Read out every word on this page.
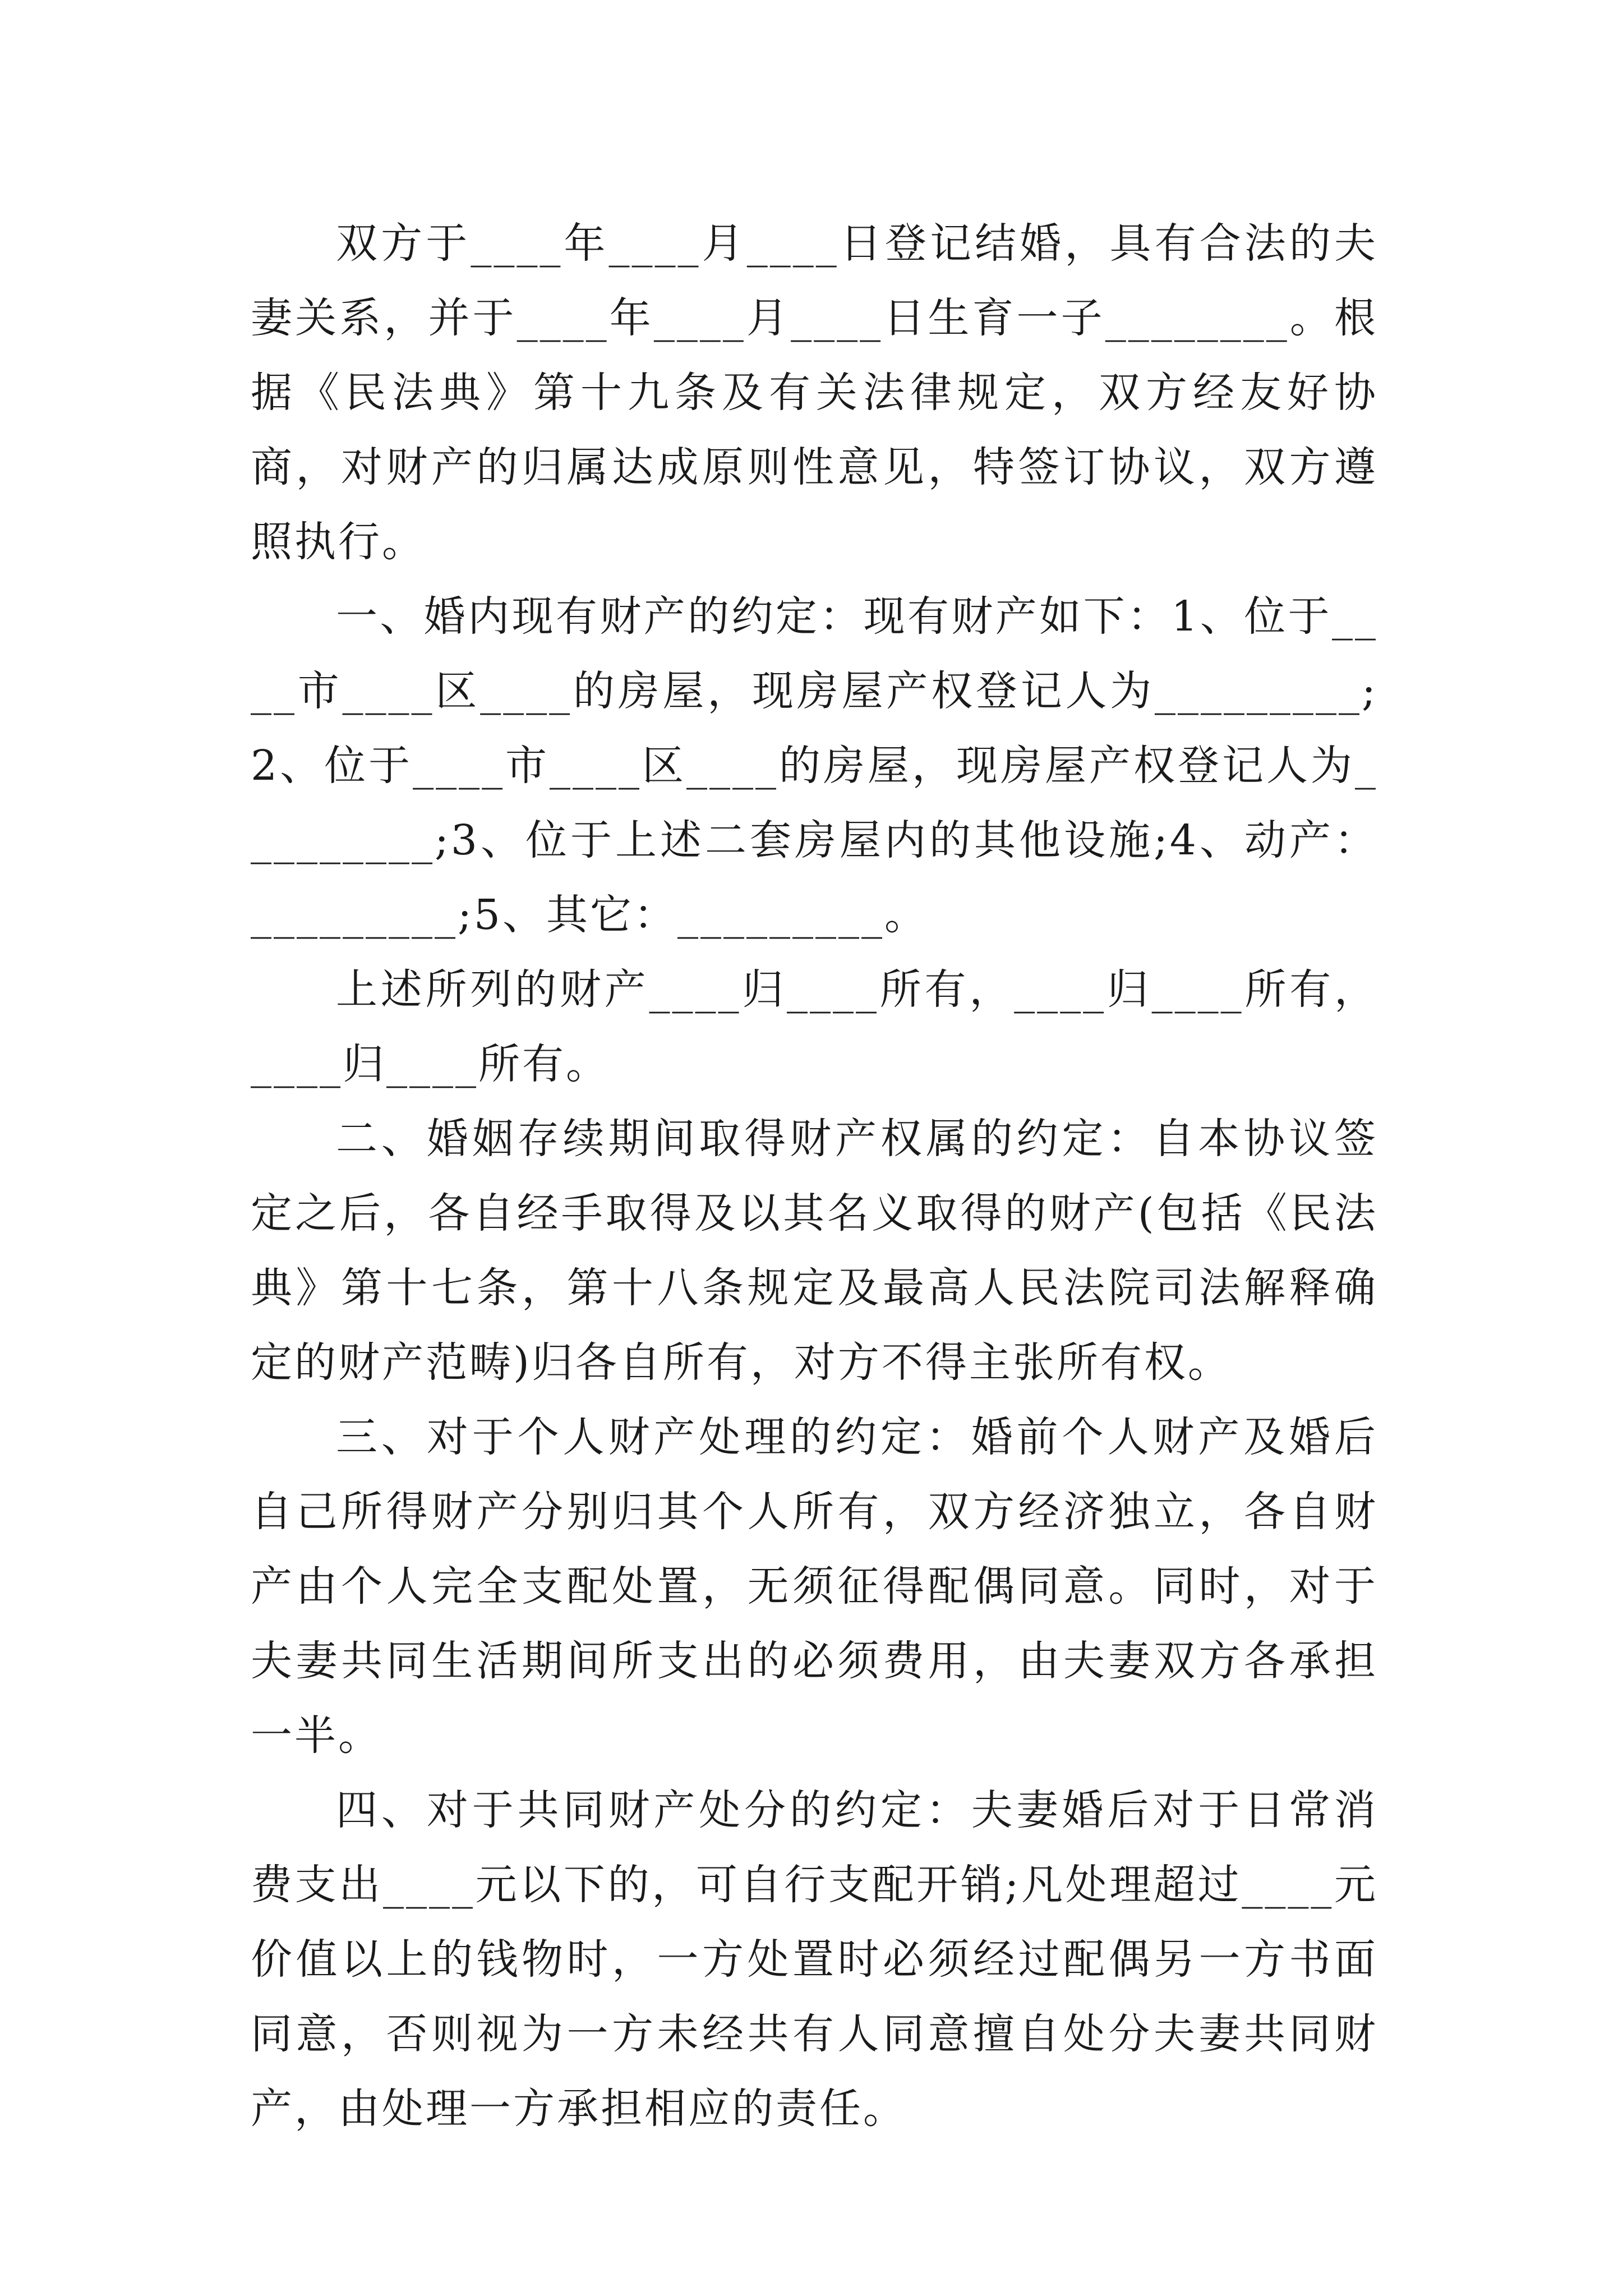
双方于____年____月____日登记结婚，具有合法的夫妻关系，并于____年____月____日生育一子________。根据《民法典》第十九条及有关法律规定，双方经友好协商，对财产的归属达成原则性意见，特签订协议，双方遵照执行。

一、婚内现有财产的约定：现有财产如下：1、位于____市____区____的房屋，现房屋产权登记人为_________;2、位于____市____区____的房屋，现房屋产权登记人为_________;3、位于上述二套房屋内的其他设施;4、动产：_________;5、其它：_________。

上述所列的财产____归____所有，____归____所有，____归____所有。

二、婚姻存续期间取得财产权属的约定：自本协议签定之后，各自经手取得及以其名义取得的财产(包括《民法典》第十七条，第十八条规定及最高人民法院司法解释确定的财产范畴)归各自所有，对方不得主张所有权。

三、对于个人财产处理的约定：婚前个人财产及婚后自己所得财产分别归其个人所有，双方经济独立，各自财产由个人完全支配处置，无须征得配偶同意。同时，对于夫妻共同生活期间所支出的必须费用，由夫妻双方各承担一半。

四、对于共同财产处分的约定：夫妻婚后对于日常消费支出____元以下的，可自行支配开销;凡处理超过____元价值以上的钱物时，一方处置时必须经过配偶另一方书面同意，否则视为一方未经共有人同意擅自处分夫妻共同财产，由处理一方承担相应的责任。
